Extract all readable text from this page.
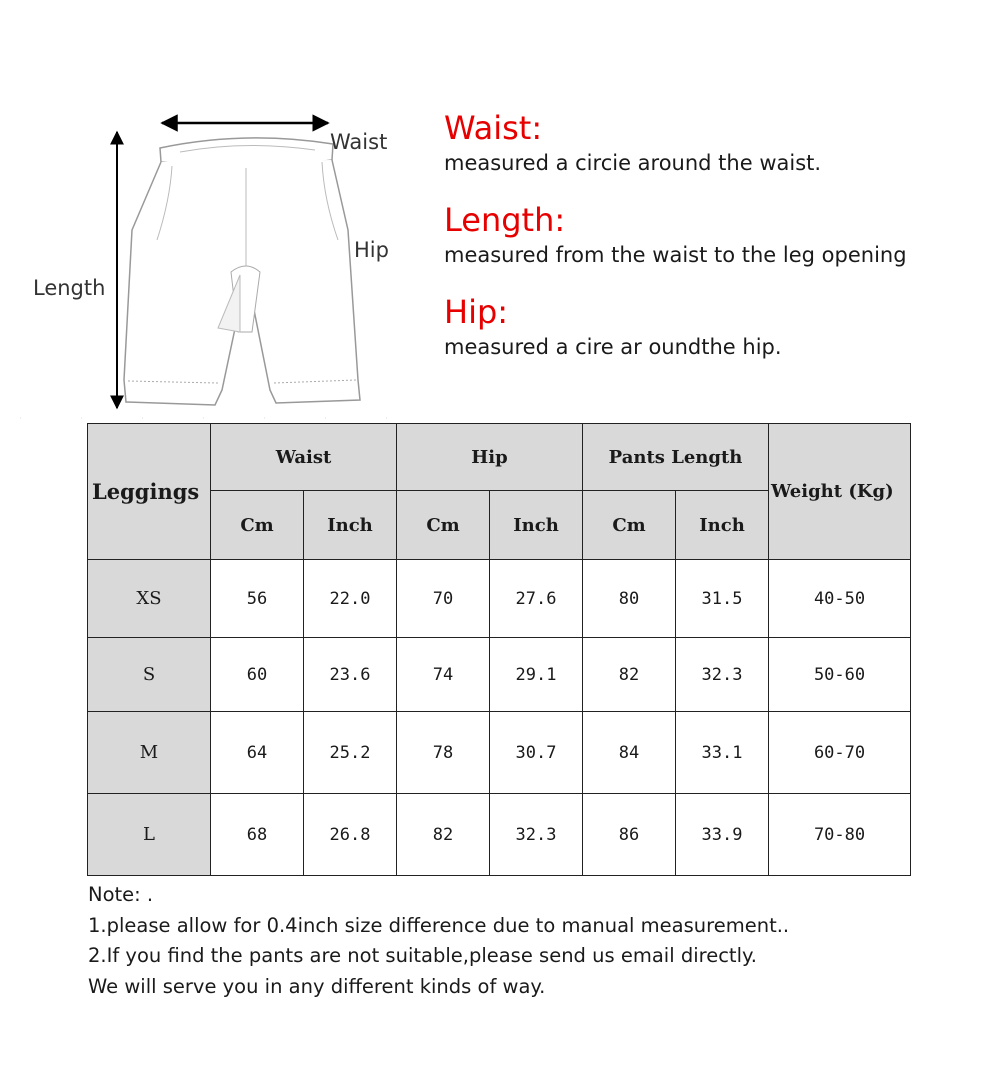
Waist
Hip
Length
Waist:
measured a circie around the waist.
Length:
measured from the waist to the leg opening
Hip:
measured a cire ar oundthe hip.
Leggings	Waist		Hip		Pants Length		Weight (Kg)
	Cm	Inch	Cm	Inch	Cm	Inch	
XS	56	22.0	70	27.6	80	31.5	40-50
S	60	23.6	74	29.1	82	32.3	50-60
M	64	25.2	78	30.7	84	33.1	60-70
L	68	26.8	82	32.3	86	33.9	70-80
Note: .
1.please allow for 0.4inch size difference due to manual measurement..
2.If you find the pants are not suitable,please send us email directly.
We will serve you in any different kinds of way.
